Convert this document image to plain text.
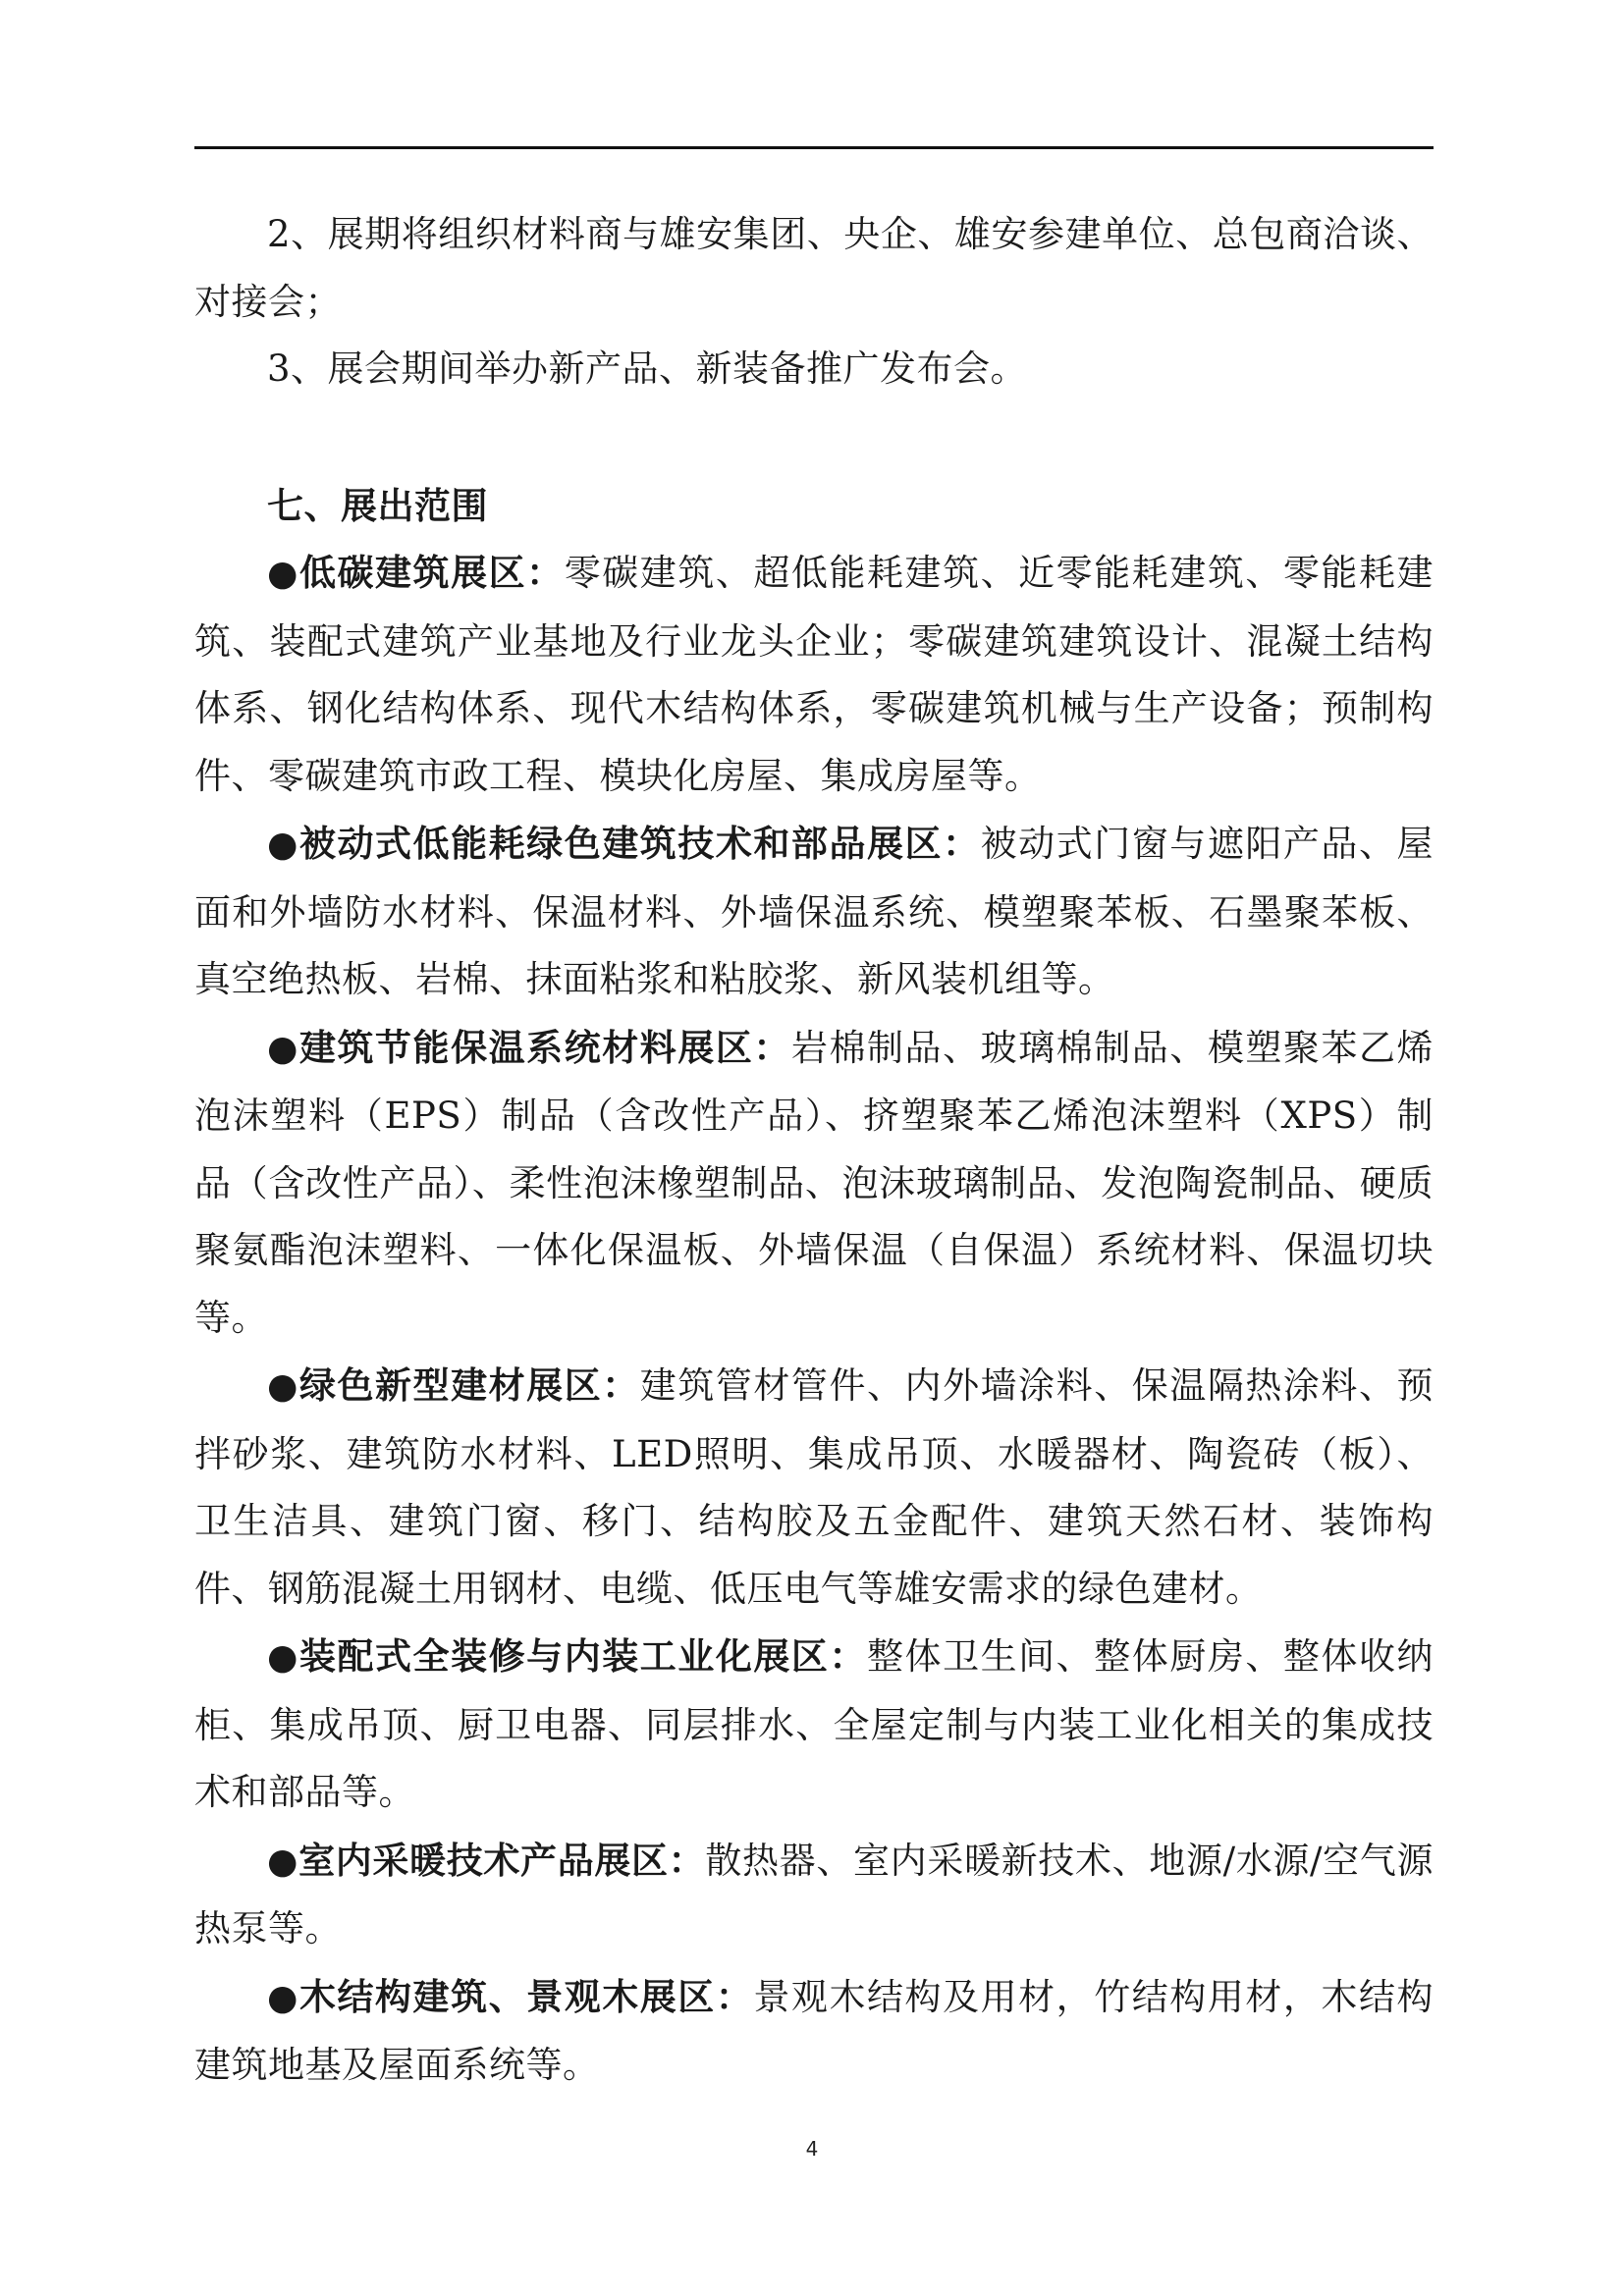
2、展期将组织材料商与雄安集团、央企、雄安参建单位、总包商洽谈、对接会；

3、展会期间举办新产品、新装备推广发布会。

七、展出范围

●低碳建筑展区：零碳建筑、超低能耗建筑、近零能耗建筑、零能耗建筑、装配式建筑产业基地及行业龙头企业；零碳建筑建筑设计、混凝土结构体系、钢化结构体系、现代木结构体系，零碳建筑机械与生产设备；预制构件、零碳建筑市政工程、模块化房屋、集成房屋等。

●被动式低能耗绿色建筑技术和部品展区：被动式门窗与遮阳产品、屋面和外墙防水材料、保温材料、外墙保温系统、模塑聚苯板、石墨聚苯板、真空绝热板、岩棉、抹面粘浆和粘胶浆、新风装机组等。

●建筑节能保温系统材料展区：岩棉制品、玻璃棉制品、模塑聚苯乙烯泡沫塑料（EPS）制品（含改性产品）、挤塑聚苯乙烯泡沫塑料（XPS）制品（含改性产品）、柔性泡沫橡塑制品、泡沫玻璃制品、发泡陶瓷制品、硬质聚氨酯泡沫塑料、一体化保温板、外墙保温（自保温）系统材料、保温切块等。

●绿色新型建材展区：建筑管材管件、内外墙涂料、保温隔热涂料、预拌砂浆、建筑防水材料、LED照明、集成吊顶、水暖器材、陶瓷砖（板）、卫生洁具、建筑门窗、移门、结构胶及五金配件、建筑天然石材、装饰构件、钢筋混凝土用钢材、电缆、低压电气等雄安需求的绿色建材。

●装配式全装修与内装工业化展区：整体卫生间、整体厨房、整体收纳柜、集成吊顶、厨卫电器、同层排水、全屋定制与内装工业化相关的集成技术和部品等。

●室内采暖技术产品展区：散热器、室内采暖新技术、地源/水源/空气源热泵等。

●木结构建筑、景观木展区：景观木结构及用材，竹结构用材，木结构建筑地基及屋面系统等。

4
